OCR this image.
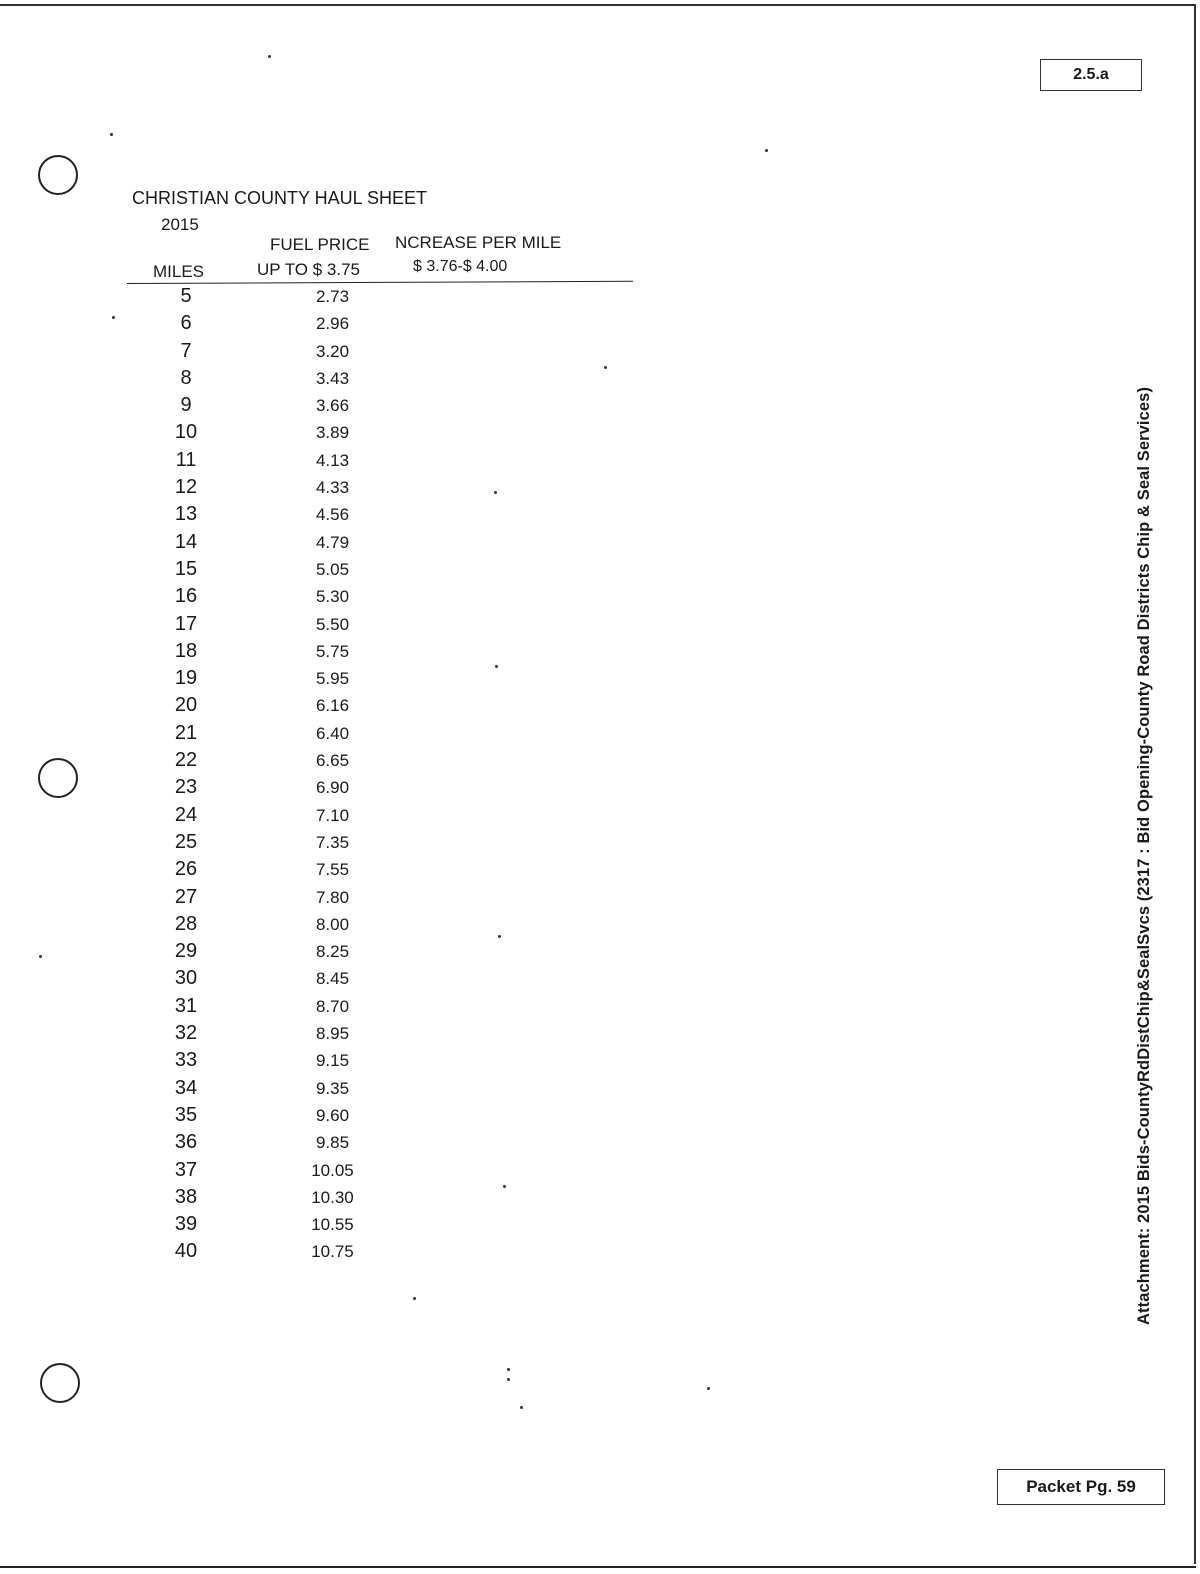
2.5.a
Attachment: 2015 Bids-CountyRdDistChip&SealSvcs (2317 : Bid Opening-County Road Districts Chip & Seal Services)
CHRISTIAN COUNTY HAUL SHEET
2015
FUEL PRICE NCREASE PER MILE
MILES	UP TO $ 3.75	$ 3.76-$ 4.00
5	2.73
6	2.96
7	3.20
8	3.43
9	3.66
10	3.89
11	4.13
12	4.33
13	4.56
14	4.79
15	5.05
16	5.30
17	5.50
18	5.75
19	5.95
20	6.16
21	6.40
22	6.65
23	6.90
24	7.10
25	7.35
26	7.55
27	7.80
28	8.00
29	8.25
30	8.45
31	8.70
32	8.95
33	9.15
34	9.35
35	9.60
36	9.85
37	10.05
38	10.30
39	10.55
40	10.75
Packet Pg. 59
